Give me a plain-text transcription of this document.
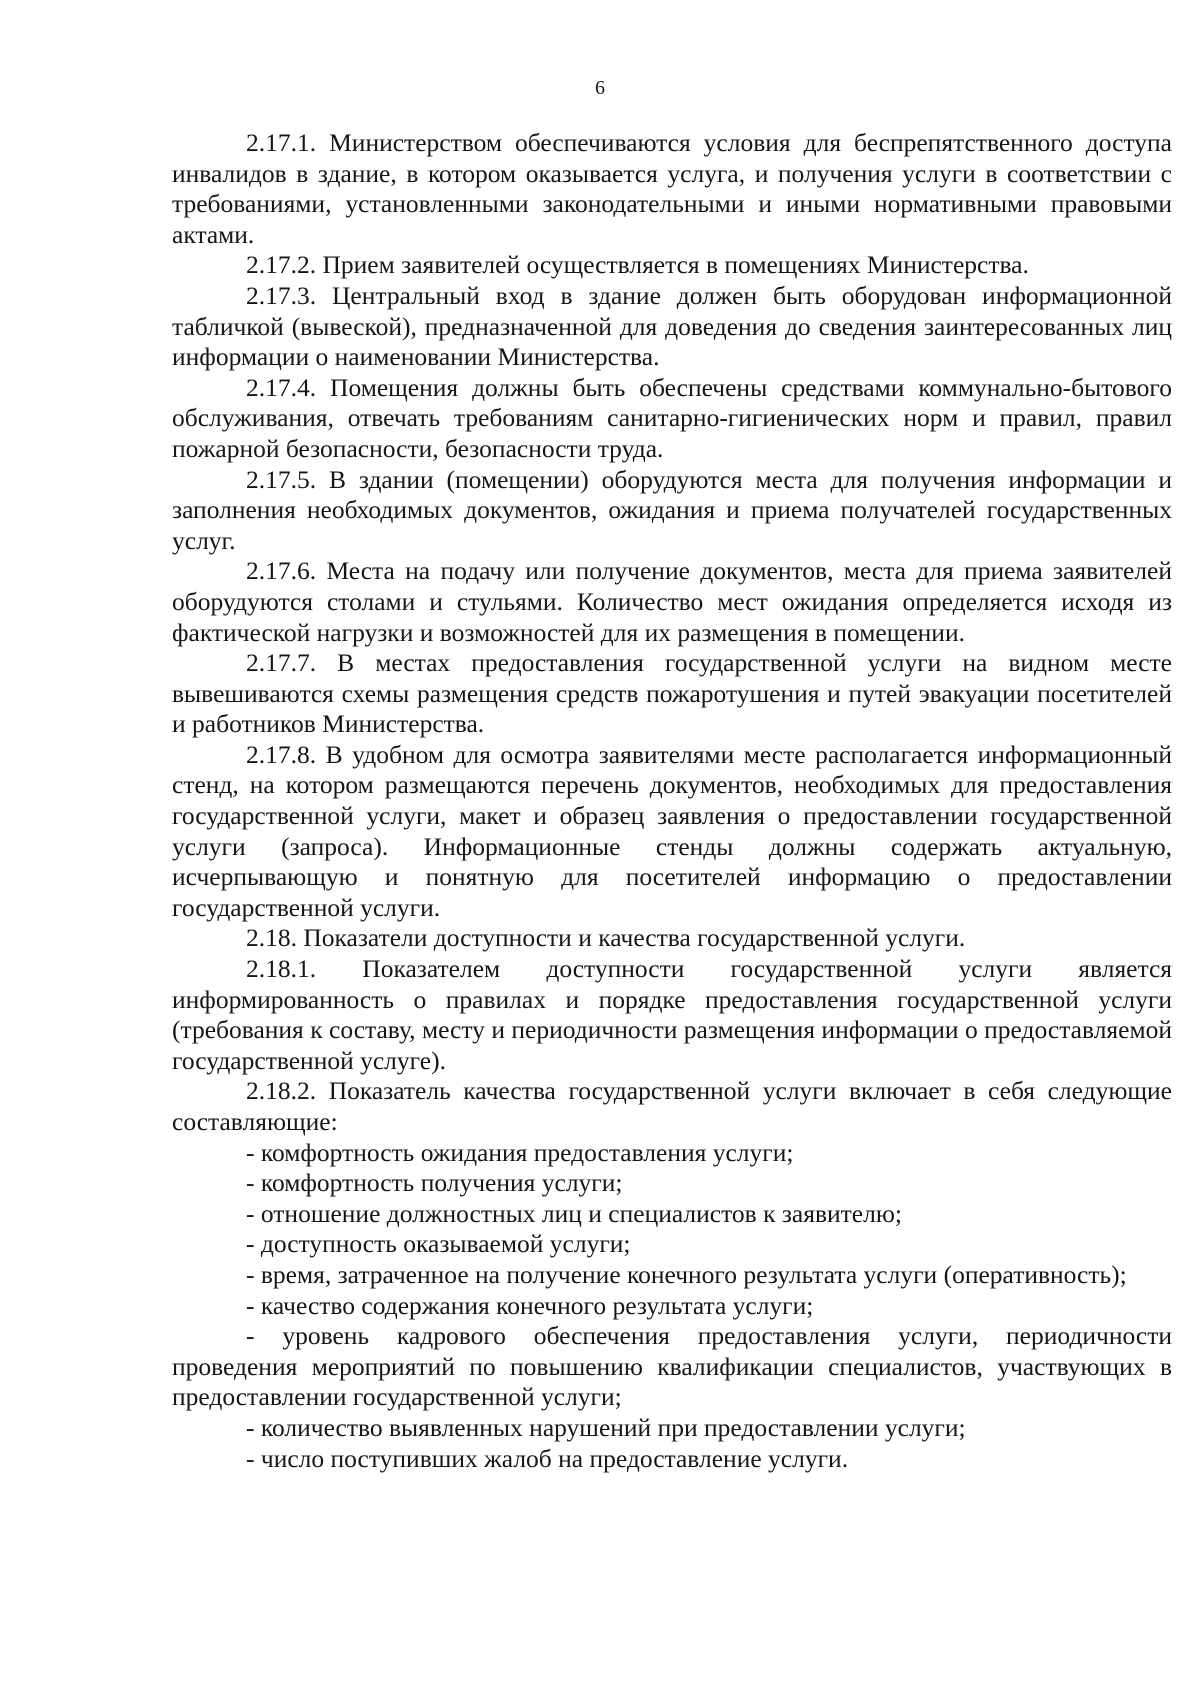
6

2.17.1. Министерством обеспечиваются условия для беспрепятственного доступа инвалидов в здание, в котором оказывается услуга, и получения услуги в соответствии с требованиями, установленными законодательными и иными нормативными правовыми актами.

2.17.2. Прием заявителей осуществляется в помещениях Министерства.

2.17.3. Центральный вход в здание должен быть оборудован информационной табличкой (вывеской), предназначенной для доведения до сведения заинтересованных лиц информации о наименовании Министерства.

2.17.4. Помещения должны быть обеспечены средствами коммунально-бытового обслуживания, отвечать требованиям санитарно-гигиенических норм и правил, правил пожарной безопасности, безопасности труда.

2.17.5. В здании (помещении) оборудуются места для получения информации и заполнения необходимых документов, ожидания и приема получателей государственных услуг.

2.17.6. Места на подачу или получение документов, места для приема заявителей оборудуются столами и стульями. Количество мест ожидания определяется исходя из фактической нагрузки и возможностей для их размещения в помещении.

2.17.7. В местах предоставления государственной услуги на видном месте вывешиваются схемы размещения средств пожаротушения и путей эвакуации посетителей и работников Министерства.

2.17.8. В удобном для осмотра заявителями месте располагается информационный стенд, на котором размещаются перечень документов, необходимых для предоставления государственной услуги, макет и образец заявления о предоставлении государственной услуги (запроса). Информационные стенды должны содержать актуальную, исчерпывающую и понятную для посетителей информацию о предоставлении государственной услуги.

2.18. Показатели доступности и качества государственной услуги.

2.18.1. Показателем доступности государственной услуги является информированность о правилах и порядке предоставления государственной услуги (требования к составу, месту и периодичности размещения информации о предоставляемой государственной услуге).

2.18.2. Показатель качества государственной услуги включает в себя следующие составляющие:

- комфортность ожидания предоставления услуги;

- комфортность получения услуги;

- отношение должностных лиц и специалистов к заявителю;

- доступность оказываемой услуги;

- время, затраченное на получение конечного результата услуги (оперативность);

- качество содержания конечного результата услуги;

- уровень кадрового обеспечения предоставления услуги, периодичности проведения мероприятий по повышению квалификации специалистов, участвующих в предоставлении государственной услуги;

- количество выявленных нарушений при предоставлении услуги;

- число поступивших жалоб на предоставление услуги.
